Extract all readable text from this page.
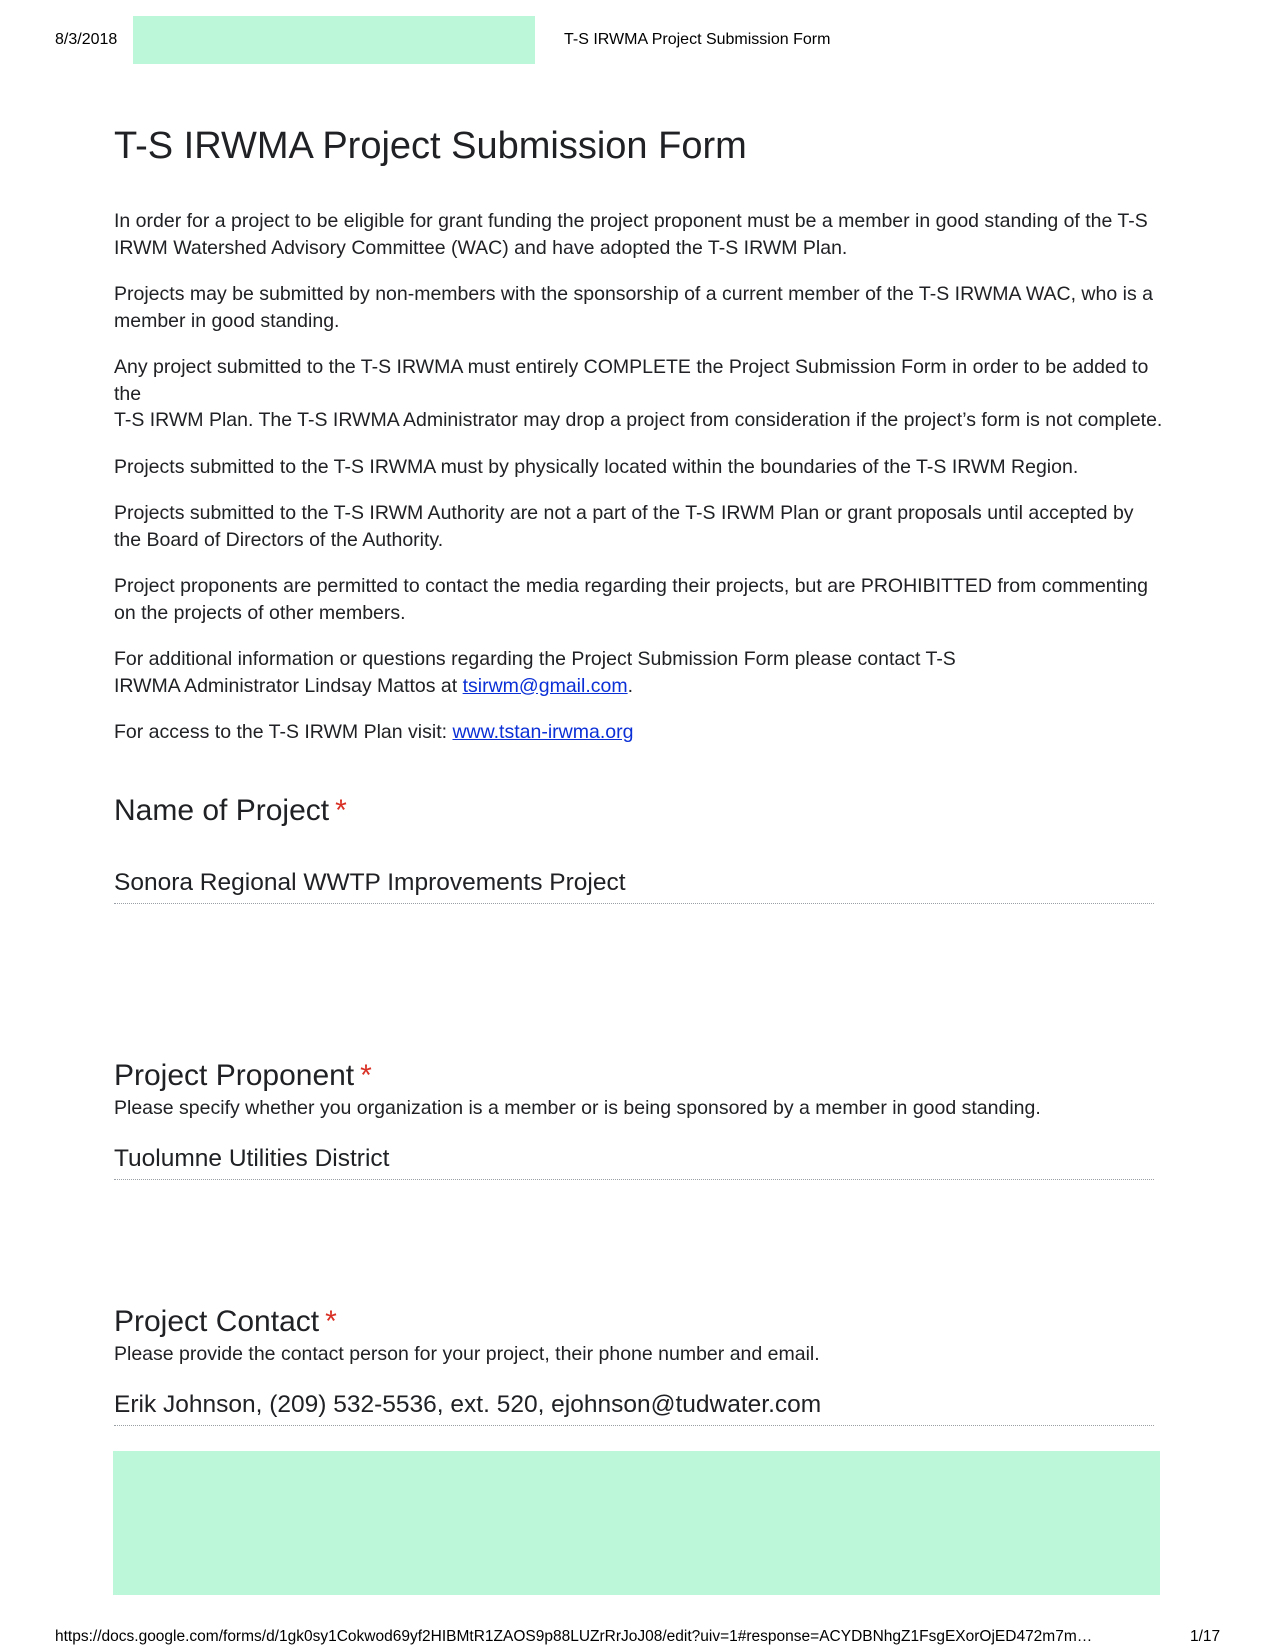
8/3/2018	T-S IRWMA Project Submission Form
T-S IRWMA Project Submission Form

In order for a project to be eligible for grant funding the project proponent must be a member in good standing of the T-S IRWM Watershed Advisory Committee (WAC) and have adopted the T-S IRWM Plan.

Projects may be submitted by non-members with the sponsorship of a current member of the T-S IRWMA WAC, who is a member in good standing.

Any project submitted to the T-S IRWMA must entirely COMPLETE the Project Submission Form in order to be added to the
T-S IRWM Plan. The T-S IRWMA Administrator may drop a project from consideration if the project’s form is not complete.

Projects submitted to the T-S IRWMA must by physically located within the boundaries of the T-S IRWM Region.

Projects submitted to the T-S IRWM Authority are not a part of the T-S IRWM Plan or grant proposals until accepted by the Board of Directors of the Authority.

Project proponents are permitted to contact the media regarding their projects, but are PROHIBITTED from commenting on the projects of other members.

For additional information or questions regarding the Project Submission Form please contact T-S
IRWMA Administrator Lindsay Mattos at tsirwm@gmail.com.

For access to the T-S IRWM Plan visit: www.tstan-irwma.org

Name of Project *
Sonora Regional WWTP Improvements Project
Project Proponent *

Please specify whether you organization is a member or is being sponsored by a member in good standing.

Tuolumne Utilities District
Project Contact *

Please provide the contact person for your project, their phone number and email.

Erik Johnson, (209) 532-5536, ext. 520, ejohnson@tudwater.com
https://docs.google.com/forms/d/1gk0sy1Cokwod69yf2HIBMtR1ZAOS9p88LUZrRrJoJ08/edit?uiv=1#response=ACYDBNhgZ1FsgEXorOjED472m7m…	1/17
